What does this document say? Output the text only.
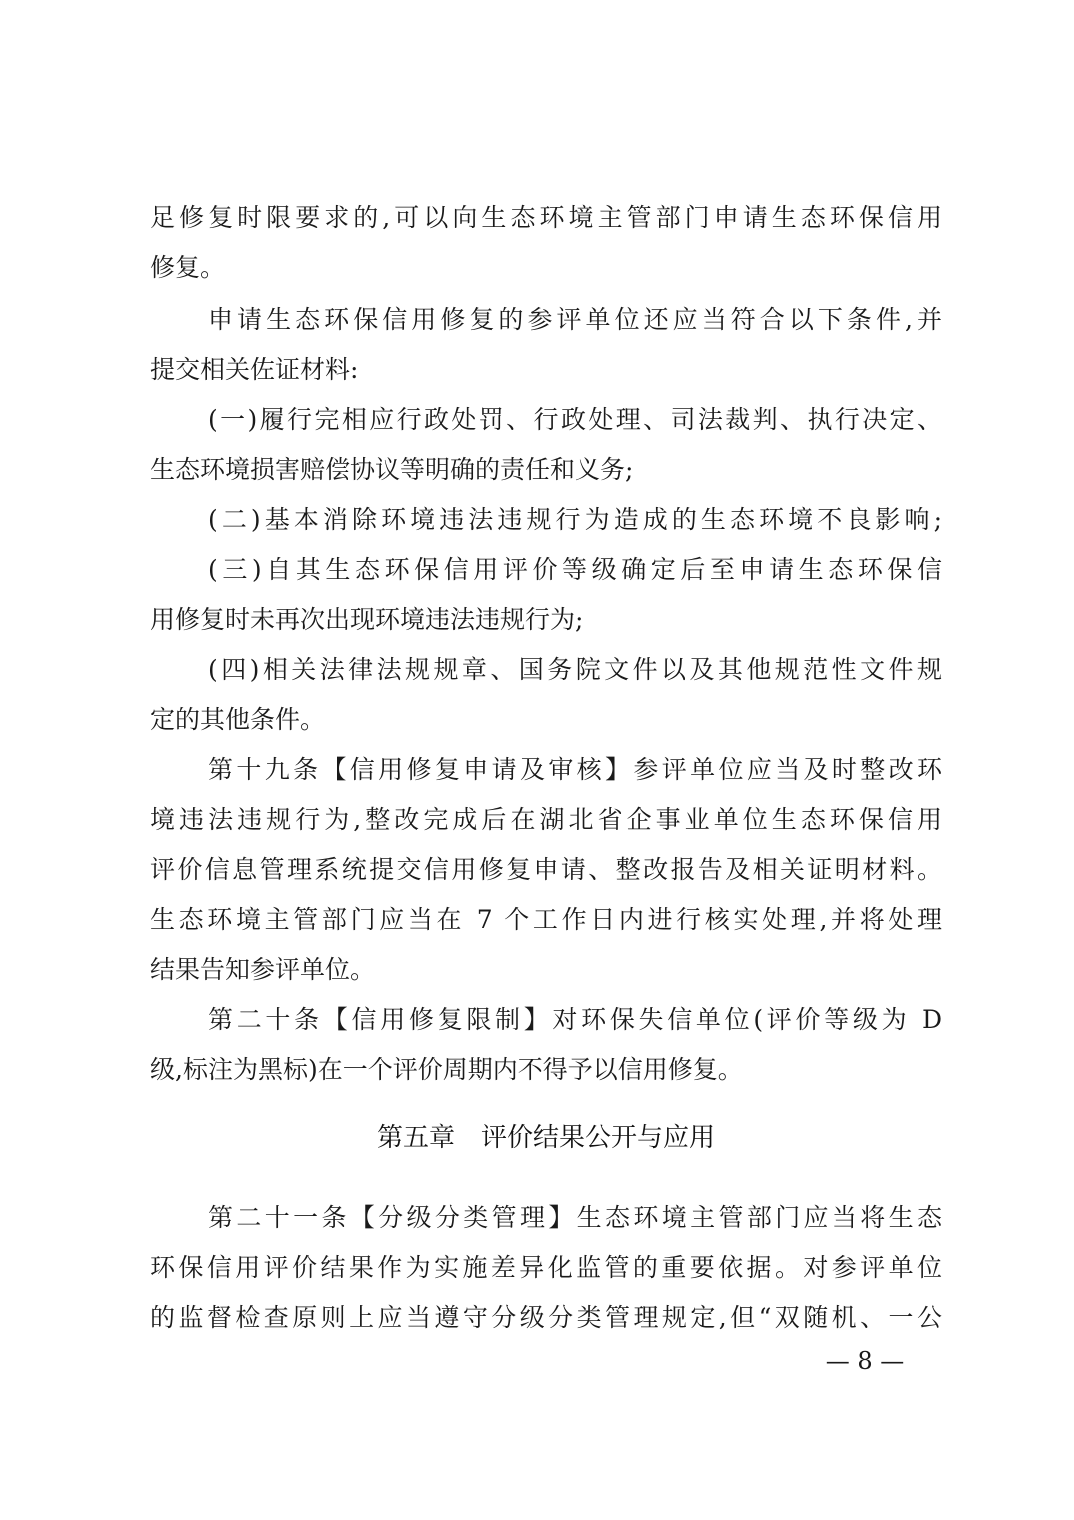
足修复时限要求的,可以向生态环境主管部门申请生态环保信用
修复。
申请生态环保信用修复的参评单位还应当符合以下条件,并
提交相关佐证材料:
(一)履行完相应行政处罚、行政处理、司法裁判、执行决定、
生态环境损害赔偿协议等明确的责任和义务;
(二)基本消除环境违法违规行为造成的生态环境不良影响;
(三)自其生态环保信用评价等级确定后至申请生态环保信
用修复时未再次出现环境违法违规行为;
(四)相关法律法规规章、国务院文件以及其他规范性文件规
定的其他条件。
第十九条【信用修复申请及审核】参评单位应当及时整改环
境违法违规行为,整改完成后在湖北省企事业单位生态环保信用
评价信息管理系统提交信用修复申请、整改报告及相关证明材料。
生态环境主管部门应当在 7 个工作日内进行核实处理,并将处理
结果告知参评单位。
第二十条【信用修复限制】对环保失信单位(评价等级为 D
级,标注为黑标)在一个评价周期内不得予以信用修复。
第五章　评价结果公开与应用
第二十一条【分级分类管理】生态环境主管部门应当将生态
环保信用评价结果作为实施差异化监管的重要依据。对参评单位
的监督检查原则上应当遵守分级分类管理规定,但“双随机、一公
— 8 —
